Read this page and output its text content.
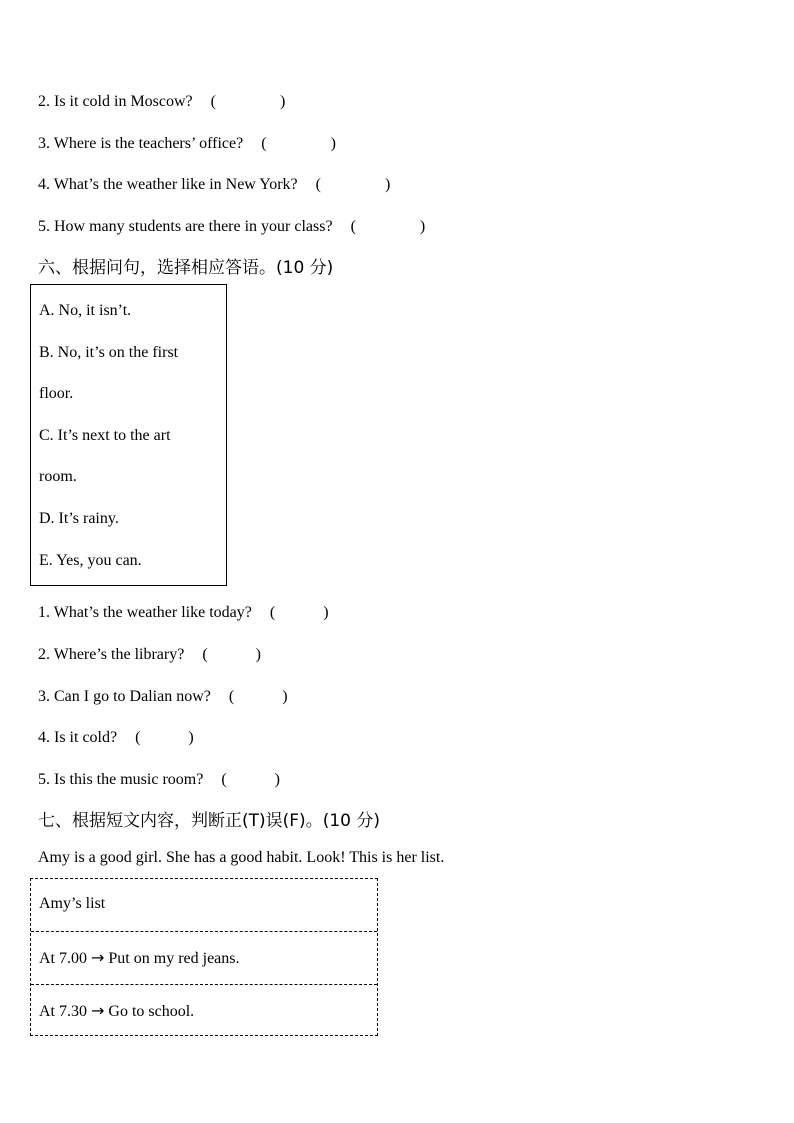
2. Is it cold in Moscow? (　　　　)
3. Where is the teachers’ office? (　　　　)
4. What’s the weather like in New York? (　　　　)
5. How many students are there in your class? (　　　　)
六、根据问句，选择相应答语。(10 分)
A. No, it isn’t.
B. No, it’s on the first
floor.
C. It’s next to the art
room.
D. It’s rainy.
E. Yes, you can.
1. What’s the weather like today? (　　　)
2. Where’s the library? (　　　)
3. Can I go to Dalian now? (　　　)
4. Is it cold? (　　　)
5. Is this the music room? (　　　)
七、根据短文内容，判断正(T)误(F)。(10 分)
Amy is a good girl. She has a good habit. Look! This is her list.
Amy’s list
At 7.00 → Put on my red jeans.
At 7.30 → Go to school.
